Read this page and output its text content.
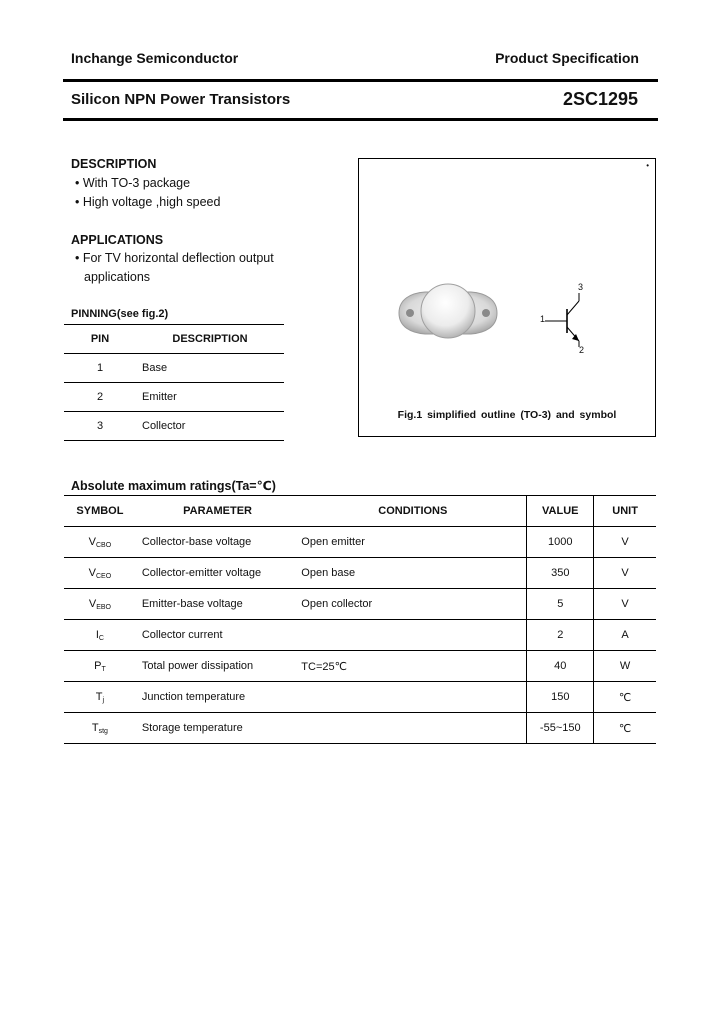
Inchange Semiconductor	Product Specification
Silicon NPN Power Transistors	2SC1295
DESCRIPTION
• With TO-3 package
• High voltage ,high speed
APPLICATIONS
• For TV horizontal deflection output
applications
PINNING(see fig.2)
PIN	DESCRIPTION
1	Base
2	Emitter
3	Collector
•
1
3
2
Fig.1 simplified outline (TO-3) and symbol
Absolute maximum ratings(Ta=℃)
SYMBOL	PARAMETER	CONDITIONS	VALUE	UNIT
$V_{CBO}$	Collector-base voltage	Open emitter	1000	V
$V_{CEO}$	Collector-emitter voltage	Open base	350	V
$V_{EBO}$	Emitter-base voltage	Open collector	5	V
$I_C$	Collector current		2	A
$P_T$	Total power dissipation	TC=25℃	40	W
$T_j$	Junction temperature		150	℃
$T_{stg}$	Storage temperature		-55~150	℃
